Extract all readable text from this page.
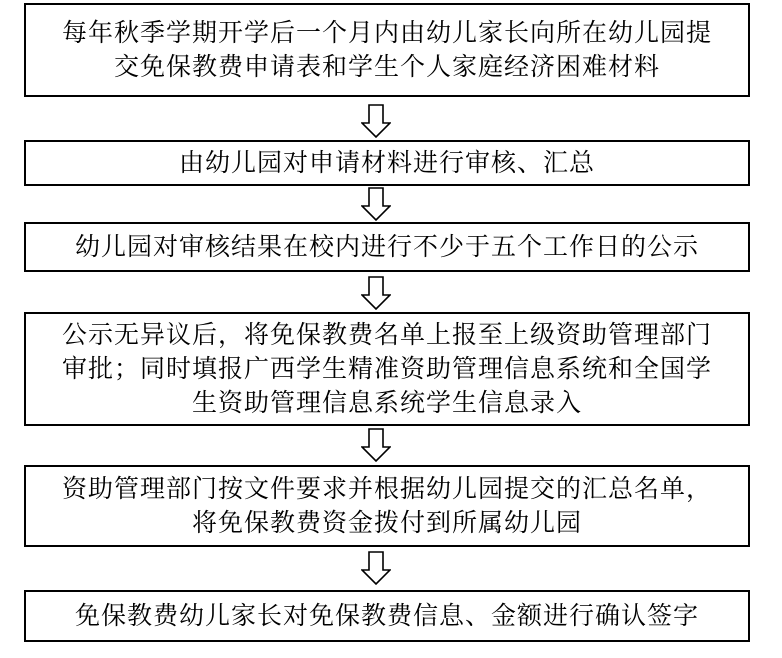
每年秋季学期开学后一个月内由幼儿家长向所在幼儿园提
交免保教费申请表和学生个人家庭经济困难材料
由幼儿园对申请材料进行审核、汇总
幼儿园对审核结果在校内进行不少于五个工作日的公示
公示无异议后，将免保教费名单上报至上级资助管理部门
审批；同时填报广西学生精准资助管理信息系统和全国学
生资助管理信息系统学生信息录入
资助管理部门按文件要求并根据幼儿园提交的汇总名单，
将免保教费资金拨付到所属幼儿园
免保教费幼儿家长对免保教费信息、金额进行确认签字
